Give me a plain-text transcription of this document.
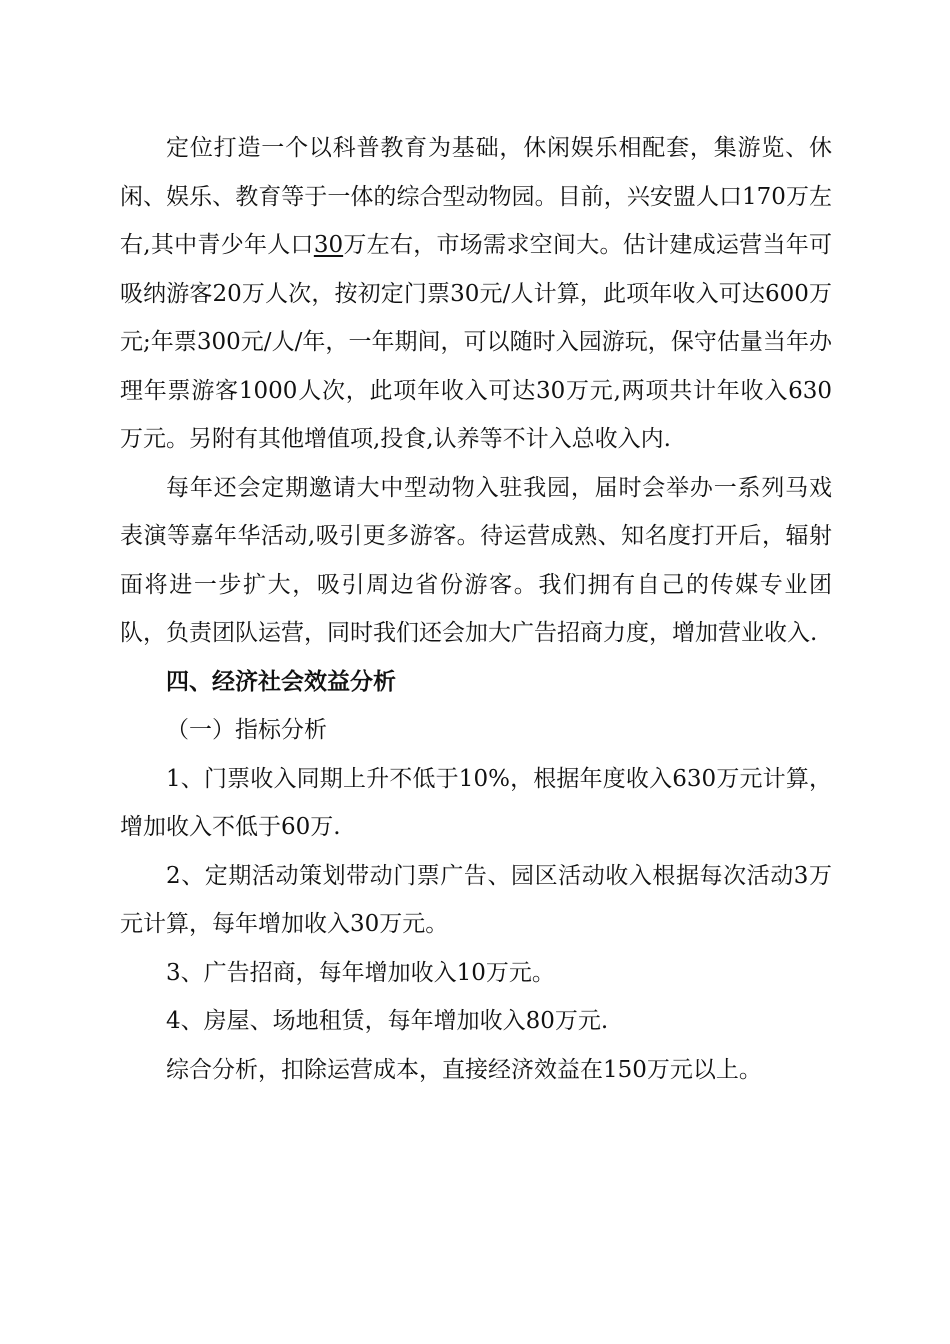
定位打造一个以科普教育为基础，休闲娱乐相配套，集游览、休闲、娱乐、教育等于一体的综合型动物园。目前，兴安盟人口170万左右,其中青少年人口30万左右，市场需求空间大。估计建成运营当年可吸纳游客20万人次，按初定门票30元/人计算，此项年收入可达600万元;年票300元/人/年，一年期间，可以随时入园游玩，保守估量当年办理年票游客1000人次，此项年收入可达30万元,两项共计年收入630万元。另附有其他增值项,投食,认养等不计入总收入内.

每年还会定期邀请大中型动物入驻我园，届时会举办一系列马戏表演等嘉年华活动,吸引更多游客。待运营成熟、知名度打开后，辐射面将进一步扩大，吸引周边省份游客。我们拥有自己的传媒专业团队，负责团队运营，同时我们还会加大广告招商力度，增加营业收入.

四、经济社会效益分析

（一）指标分析

1、门票收入同期上升不低于10%，根据年度收入630万元计算，增加收入不低于60万.

2、定期活动策划带动门票广告、园区活动收入根据每次活动3万元计算，每年增加收入30万元。

3、广告招商，每年增加收入10万元。

4、房屋、场地租赁，每年增加收入80万元.

综合分析，扣除运营成本，直接经济效益在150万元以上。
